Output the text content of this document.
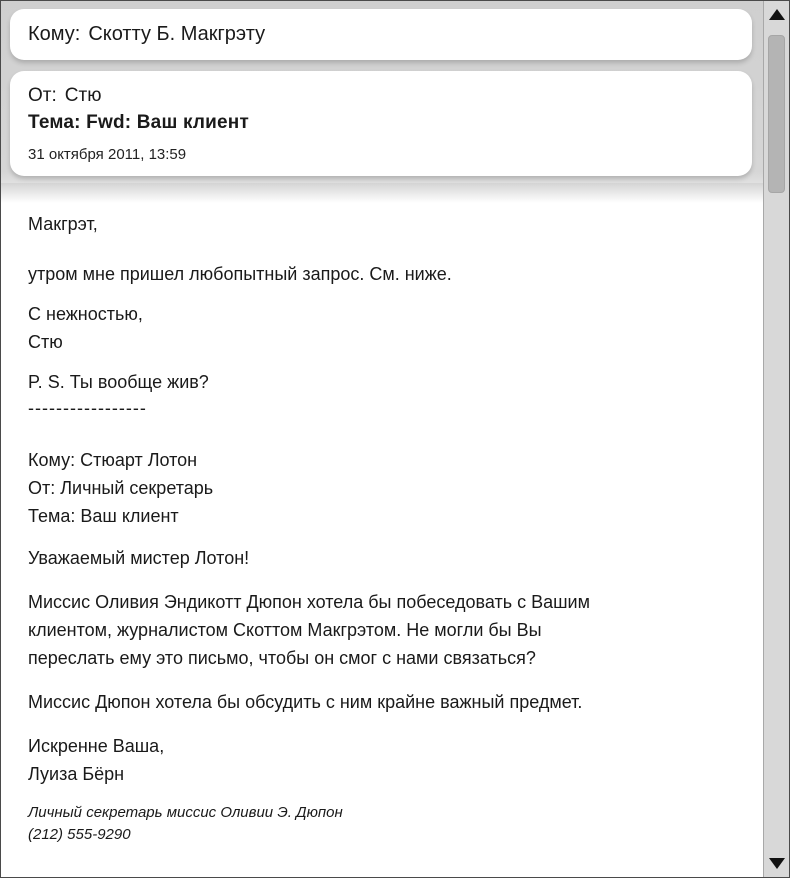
Кому: Скотту Б. Макгрэту
От: Стю
Тема: Fwd: Ваш клиент
31 октября 2011, 13:59
Макгрэт,
утром мне пришел любопытный запрос. См. ниже.
С нежностью,
Стю
P. S. Ты вообще жив?
-----------------
Кому: Стюарт Лотон
От: Личный секретарь
Тема: Ваш клиент
Уважаемый мистер Лотон!
Миссис Оливия Эндикотт Дюпон хотела бы побеседовать с Вашим
клиентом, журналистом Скоттом Макгрэтом. Не могли бы Вы
переслать ему это письмо, чтобы он смог с нами связаться?
Миссис Дюпон хотела бы обсудить с ним крайне важный предмет.
Искренне Ваша,
Луиза Бёрн
Личный секретарь миссис Оливии Э. Дюпон
(212) 555-9290
